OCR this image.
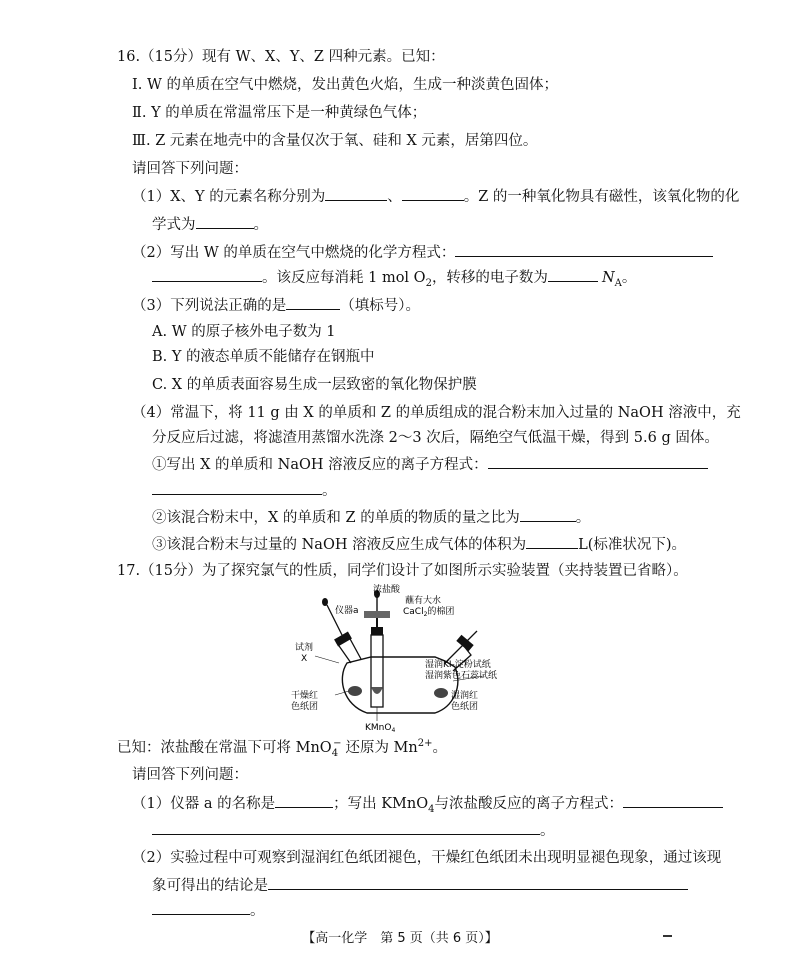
16.（15分）现有 W、X、Y、Z 四种元素。已知：
Ⅰ. W 的单质在空气中燃烧，发出黄色火焰，生成一种淡黄色固体；
Ⅱ. Y 的单质在常温常压下是一种黄绿色气体；
Ⅲ. Z 元素在地壳中的含量仅次于氧、硅和 X 元素，居第四位。
请回答下列问题：
（1）X、Y 的元素名称分别为	、	。Z 的一种氧化物具有磁性，该氧化物的化
学式为	。
（2）写出 W 的单质在空气中燃烧的化学方程式：
。该反应每消耗 1 mol $O_2$，转移的电子数为	$N_A$。
（3）下列说法正确的是	（填标号）。
A. W 的原子核外电子数为 1
B. Y 的液态单质不能储存在钢瓶中
C. X 的单质表面容易生成一层致密的氧化物保护膜
（4）常温下，将 11 g 由 X 的单质和 Z 的单质组成的混合粉末加入过量的 NaOH 溶液中，充
分反应后过滤，将滤渣用蒸馏水洗涤 2～3 次后，隔绝空气低温干燥，得到 5.6 g 固体。
①写出 X 的单质和 NaOH 溶液反应的离子方程式：
。
②该混合粉末中，X 的单质和 Z 的单质的物质的量之比为	。
③该混合粉末与过量的 NaOH 溶液反应生成气体的体积为	L(标准状况下)。
17.（15分）为了探究氯气的性质，同学们设计了如图所示实验装置（夹持装置已省略）。
浓盐酸
蘸有大水
CaCl$_2$的棉团
仪器a
试剂
X
干燥红
色纸团
湿润KI-淀粉试纸
湿润紫色石蕊试纸
湿润红
色纸团
KMnO$_4$
已知：浓盐酸在常温下可将 MnO$_4$− 还原为 $Mn^{2+}$。
请回答下列问题：
（1）仪器 a 的名称是	；写出 KMnO$_4$与浓盐酸反应的离子方程式：
。
（2）实验过程中可观察到湿润红色纸团褪色，干燥红色纸团未出现明显褪色现象，通过该现
象可得出的结论是
。
【高一化学　第 5 页（共 6 页）】
